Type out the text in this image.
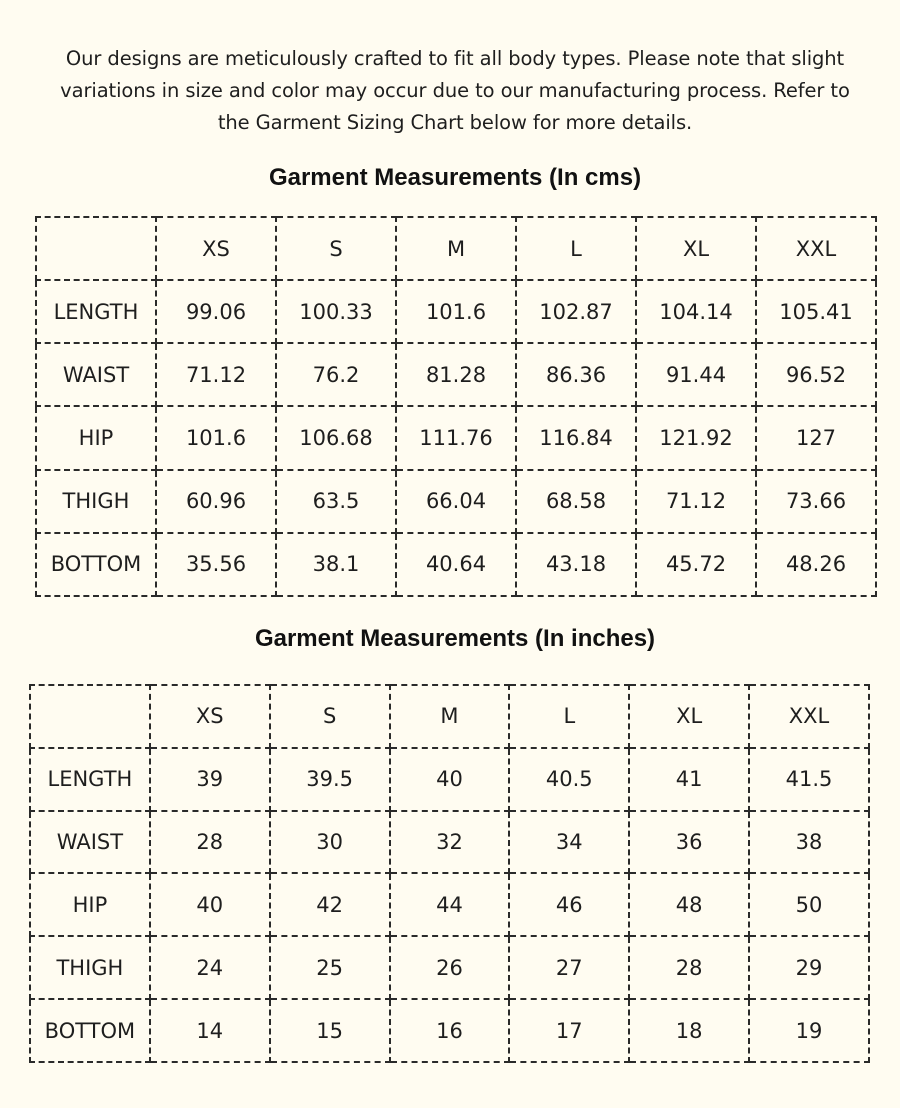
Our designs are meticulously crafted to fit all body types. Please note that slight
variations in size and color may occur due to our manufacturing process. Refer to
the Garment Sizing Chart below for more details.
Garment Measurements (In cms)
	XS	S	M	L	XL	XXL
LENGTH	99.06	100.33	101.6	102.87	104.14	105.41
WAIST	71.12	76.2	81.28	86.36	91.44	96.52
HIP	101.6	106.68	111.76	116.84	121.92	127
THIGH	60.96	63.5	66.04	68.58	71.12	73.66
BOTTOM	35.56	38.1	40.64	43.18	45.72	48.26
Garment Measurements (In inches)
	XS	S	M	L	XL	XXL
LENGTH	39	39.5	40	40.5	41	41.5
WAIST	28	30	32	34	36	38
HIP	40	42	44	46	48	50
THIGH	24	25	26	27	28	29
BOTTOM	14	15	16	17	18	19
